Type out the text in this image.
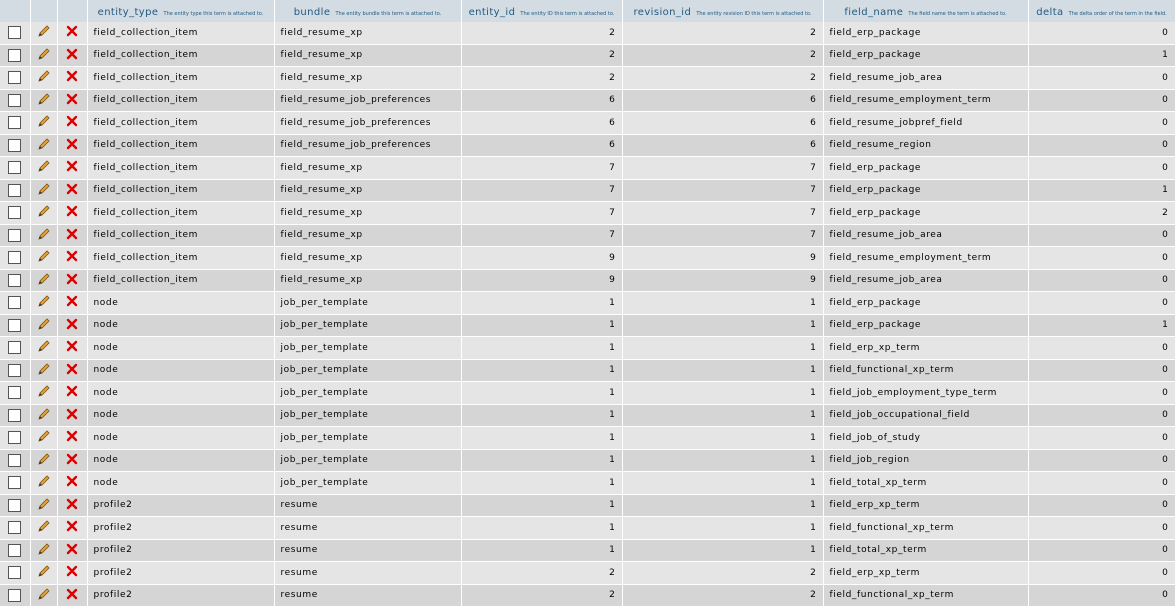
			entity_type The entity type this term is attached to.	bundle The entity bundle this term is attached to.	entity_id The entity ID this term is attached to.	revision_id The entity revision ID this term is attached to.	field_name The field name the term is attached to.	delta The delta order of the term in the field.
			field_collection_item	field_resume_xp	2	2	field_erp_package	0
			field_collection_item	field_resume_xp	2	2	field_erp_package	1
			field_collection_item	field_resume_xp	2	2	field_resume_job_area	0
			field_collection_item	field_resume_job_preferences	6	6	field_resume_employment_term	0
			field_collection_item	field_resume_job_preferences	6	6	field_resume_jobpref_field	0
			field_collection_item	field_resume_job_preferences	6	6	field_resume_region	0
			field_collection_item	field_resume_xp	7	7	field_erp_package	0
			field_collection_item	field_resume_xp	7	7	field_erp_package	1
			field_collection_item	field_resume_xp	7	7	field_erp_package	2
			field_collection_item	field_resume_xp	7	7	field_resume_job_area	0
			field_collection_item	field_resume_xp	9	9	field_resume_employment_term	0
			field_collection_item	field_resume_xp	9	9	field_resume_job_area	0
			node	job_per_template	1	1	field_erp_package	0
			node	job_per_template	1	1	field_erp_package	1
			node	job_per_template	1	1	field_erp_xp_term	0
			node	job_per_template	1	1	field_functional_xp_term	0
			node	job_per_template	1	1	field_job_employment_type_term	0
			node	job_per_template	1	1	field_job_occupational_field	0
			node	job_per_template	1	1	field_job_of_study	0
			node	job_per_template	1	1	field_job_region	0
			node	job_per_template	1	1	field_total_xp_term	0
			profile2	resume	1	1	field_erp_xp_term	0
			profile2	resume	1	1	field_functional_xp_term	0
			profile2	resume	1	1	field_total_xp_term	0
			profile2	resume	2	2	field_erp_xp_term	0
			profile2	resume	2	2	field_functional_xp_term	0
